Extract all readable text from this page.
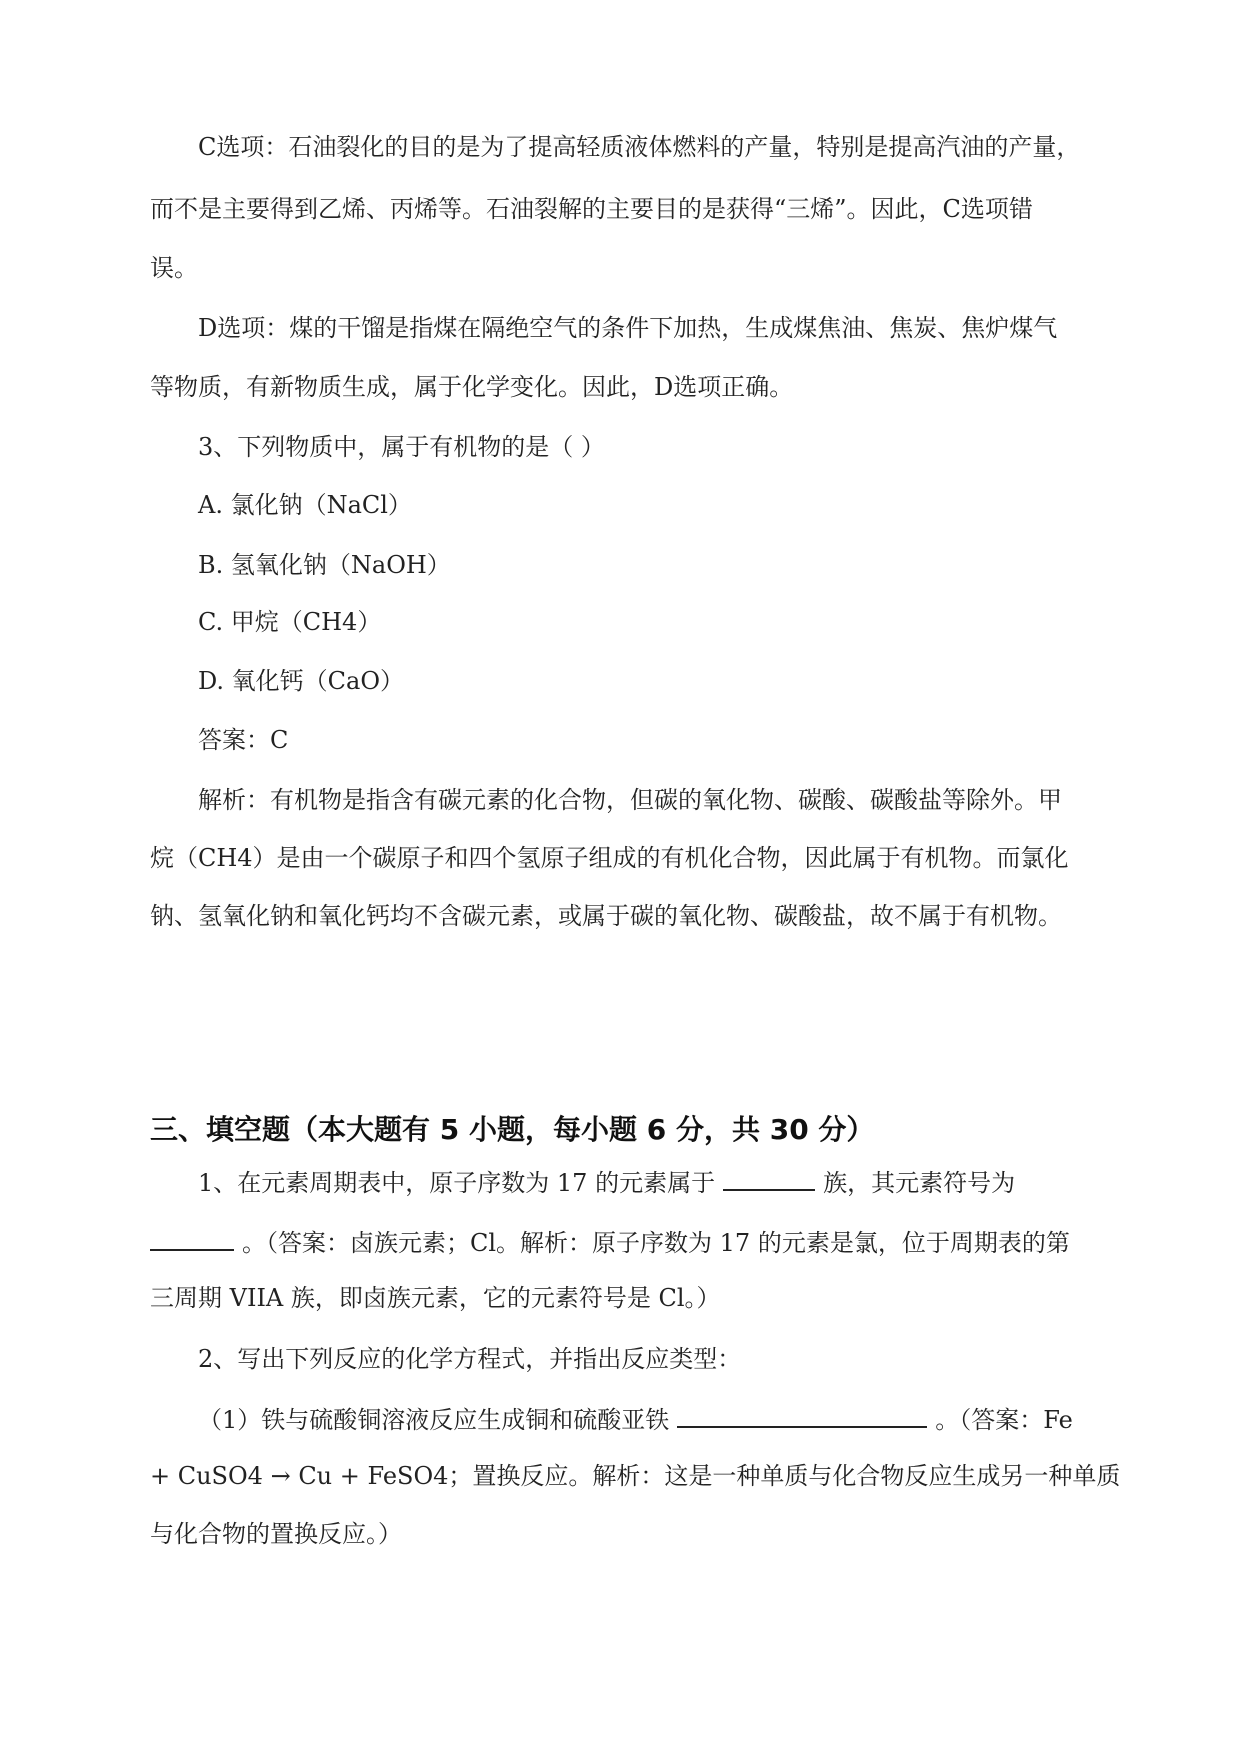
C选项：石油裂化的目的是为了提高轻质液体燃料的产量，特别是提高汽油的产量，
而不是主要得到乙烯、丙烯等。石油裂解的主要目的是获得“三烯”。因此，C选项错
误。
D选项：煤的干馏是指煤在隔绝空气的条件下加热，生成煤焦油、焦炭、焦炉煤气
等物质，有新物质生成，属于化学变化。因此，D选项正确。
3、下列物质中，属于有机物的是（ ）
A. 氯化钠（NaCl）
B. 氢氧化钠（NaOH）
C. 甲烷（CH4）
D. 氧化钙（CaO）
答案：C
解析：有机物是指含有碳元素的化合物，但碳的氧化物、碳酸、碳酸盐等除外。甲
烷（CH4）是由一个碳原子和四个氢原子组成的有机化合物，因此属于有机物。而氯化
钠、氢氧化钠和氧化钙均不含碳元素，或属于碳的氧化物、碳酸盐，故不属于有机物。
三、填空题（本大题有 5 小题，每小题 6 分，共 30 分）
1、在元素周期表中，原子序数为 17 的元素属于	族，其元素符号为
。（答案：卤族元素；Cl。解析：原子序数为 17 的元素是氯，位于周期表的第
三周期 VIIA 族，即卤族元素，它的元素符号是 Cl。）
2、写出下列反应的化学方程式，并指出反应类型：
（1）铁与硫酸铜溶液反应生成铜和硫酸亚铁	。（答案：Fe
+ CuSO4 → Cu + FeSO4；置换反应。解析：这是一种单质与化合物反应生成另一种单质
与化合物的置换反应。）
